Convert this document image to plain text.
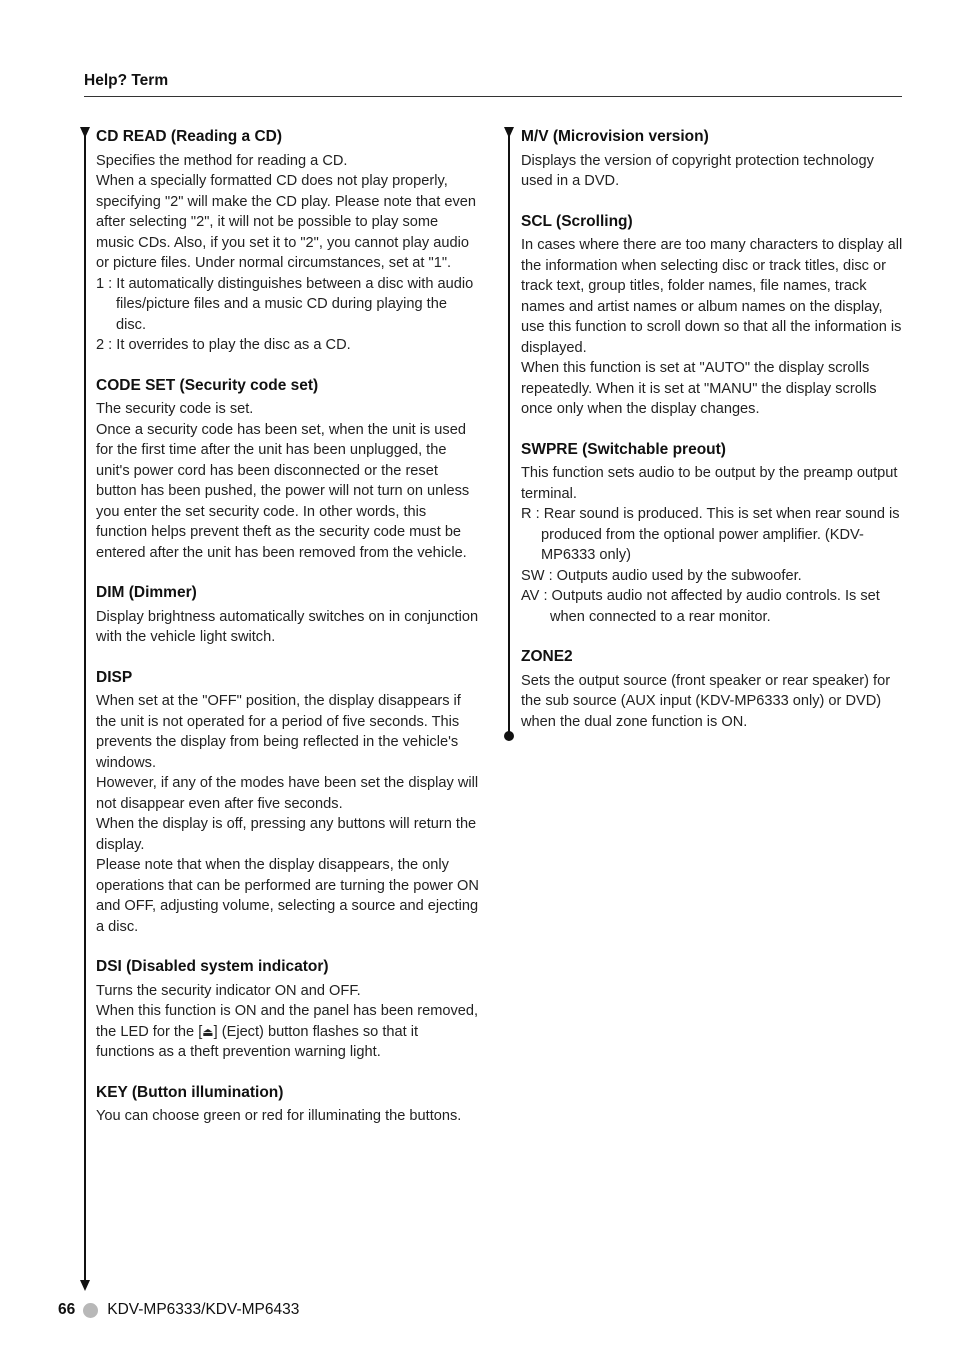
Help? Term
CD READ (Reading a CD)

Specifies the method for reading a CD.

When a specially formatted CD does not play properly, specifying "2" will make the CD play. Please note that even after selecting "2", it will not be possible to play some music CDs. Also, if you set it to "2", you cannot play audio or picture files. Under normal circumstances, set at "1".

1 : It automatically distinguishes between a disc with audio files/picture files and a music CD during playing the disc.

2 : It overrides to play the disc as a CD.

CODE SET (Security code set)

The security code is set.

Once a security code has been set, when the unit is used for the first time after the unit has been unplugged, the unit's power cord has been disconnected or the reset button has been pushed, the power will not turn on unless you enter the set security code. In other words, this function helps prevent theft as the security code must be entered after the unit has been removed from the vehicle.

DIM (Dimmer)

Display brightness automatically switches on in conjunction with the vehicle light switch.

DISP

When set at the "OFF" position, the display disappears if the unit is not operated for a period of five seconds. This prevents the display from being reflected in the vehicle's windows.

However, if any of the modes have been set the display will not disappear even after five seconds.

When the display is off, pressing any buttons will return the display.

Please note that when the display disappears, the only operations that can be performed are turning the power ON and OFF, adjusting volume, selecting a source and ejecting a disc.

DSI (Disabled system indicator)

Turns the security indicator ON and OFF.

When this function is ON and the panel has been removed, the LED for the [⏏] (Eject) button flashes so that it functions as a theft prevention warning light.

KEY (Button illumination)

You can choose green or red for illuminating the buttons.

M/V (Microvision version)

Displays the version of copyright protection technology used in a DVD.

SCL (Scrolling)

In cases where there are too many characters to display all the information when selecting disc or track titles, disc or track text, group titles, folder names, file names, track names and artist names or album names on the display, use this function to scroll down so that all the information is displayed.

When this function is set at "AUTO" the display scrolls repeatedly. When it is set at "MANU" the display scrolls once only when the display changes.

SWPRE (Switchable preout)

This function sets audio to be output by the preamp output terminal.

R : Rear sound is produced. This is set when rear sound is produced from the optional power amplifier. (KDV-MP6333 only)

SW : Outputs audio used by the subwoofer.

AV : Outputs audio not affected by audio controls. Is set when connected to a rear monitor.

ZONE2

Sets the output source (front speaker or rear speaker) for the sub source (AUX input (KDV-MP6333 only) or DVD) when the dual zone function is ON.

66 KDV-MP6333/KDV-MP6433
